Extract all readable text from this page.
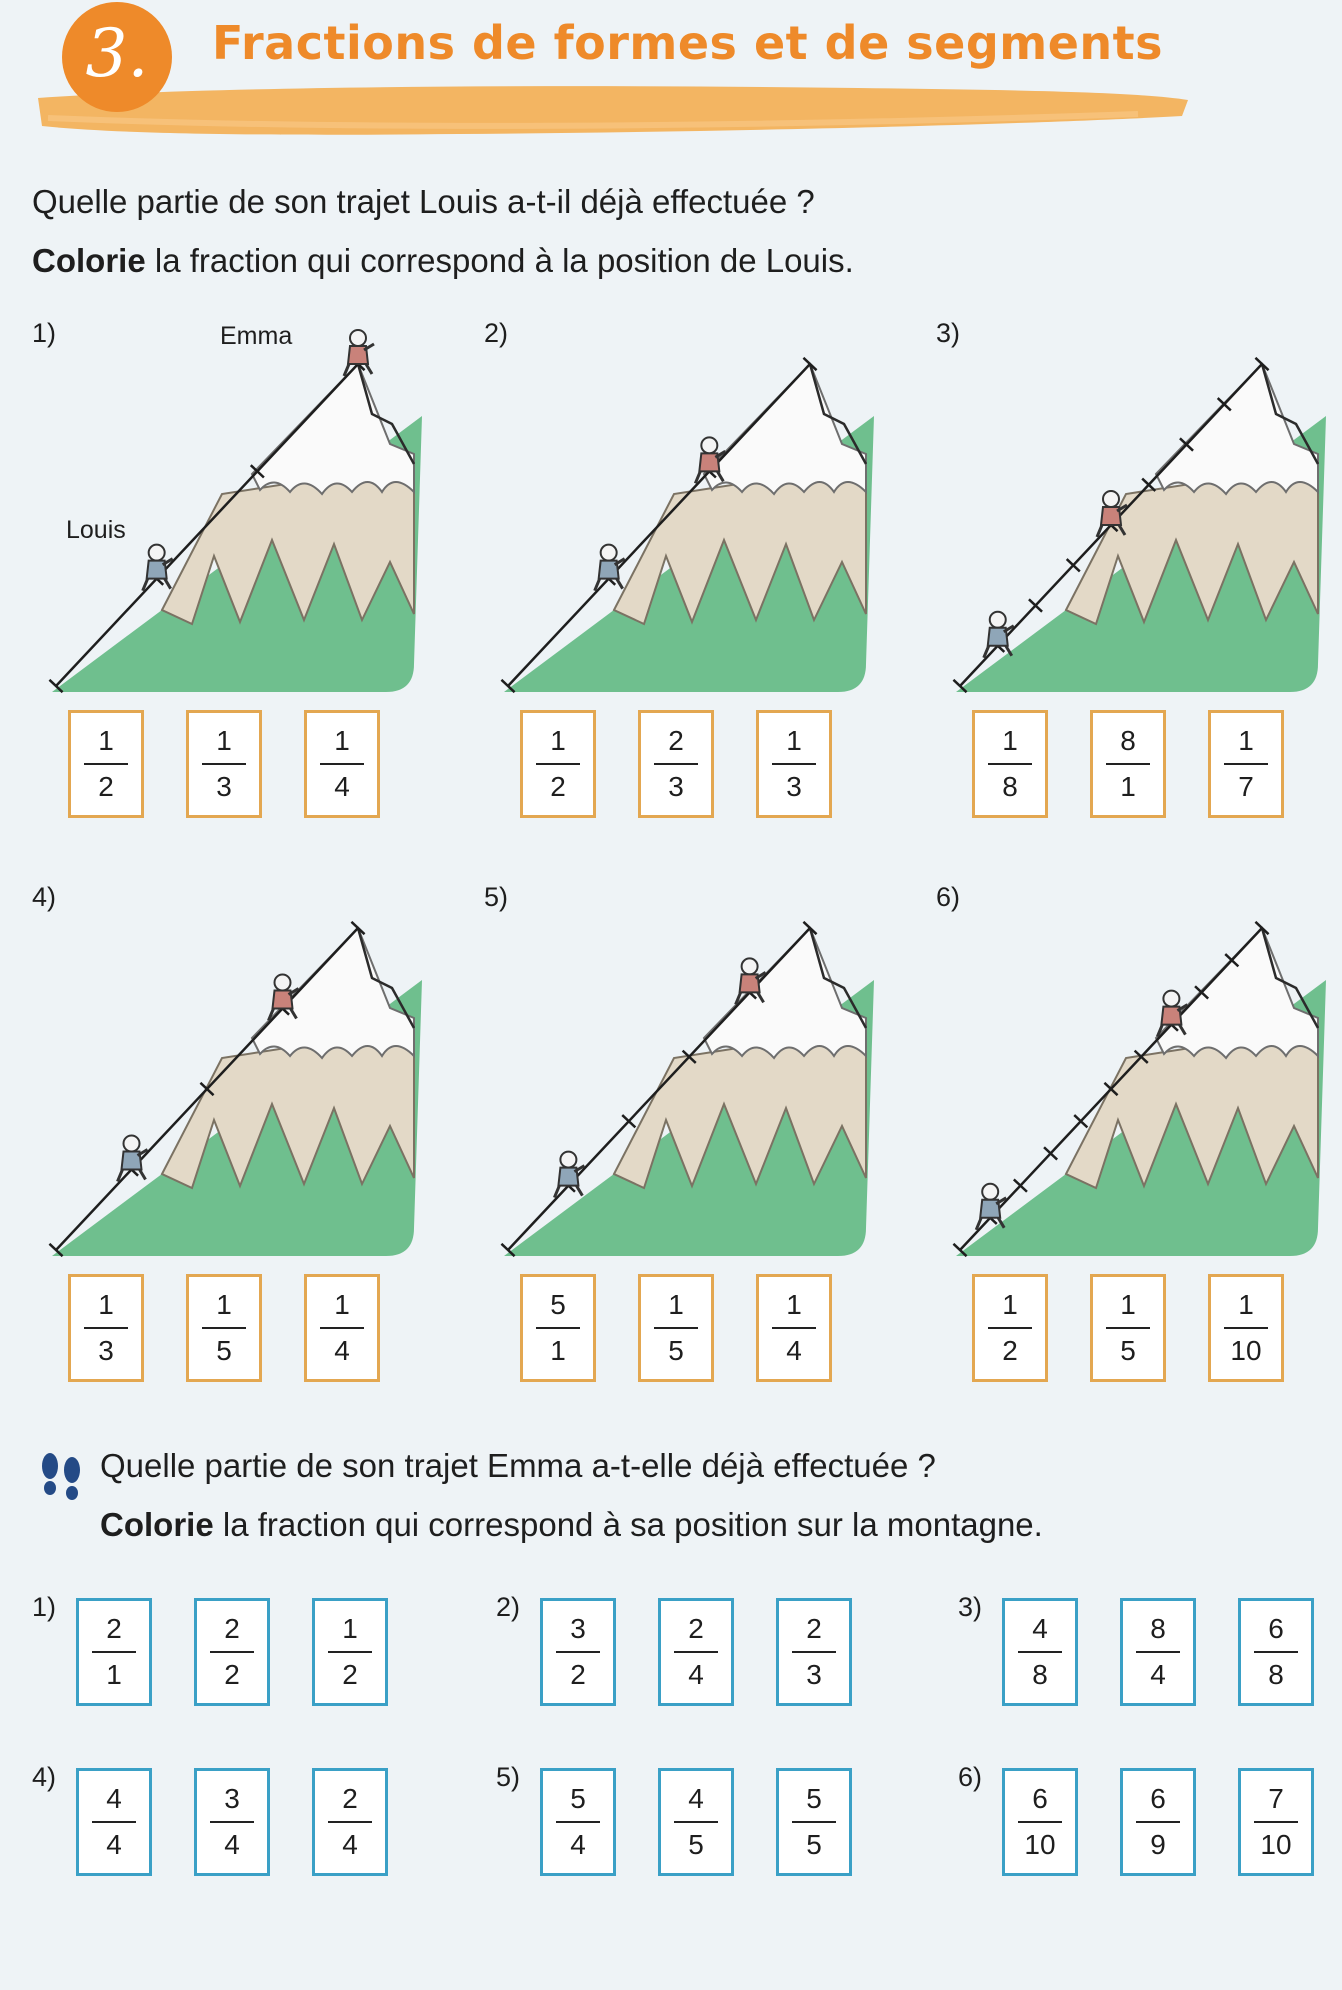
3. Fractions de formes et de segments

Quelle partie de son trajet Louis a-t-il déjà effectuée ?

Colorie la fraction qui correspond à la position de Louis.

1)	Emma
Louis
1
2
1
3
1
4
2)
1
2
2
3
1
3
3)
1
8
8
1
1
7
4)
1
3
1
5
1
4
5)
5
1
1
5
1
4
6)
1
2
1
5
1
10

Quelle partie de son trajet Emma a-t-elle déjà effectuée ?

Colorie la fraction qui correspond à sa position sur la montagne.

1)
2
1
2
2
1
2
2)
3
2
2
4
2
3
3)
4
8
8
4
6
8
4)
4
4
3
4
2
4
5)
5
4
4
5
5
5
6)
6
10
6
9
7
10
